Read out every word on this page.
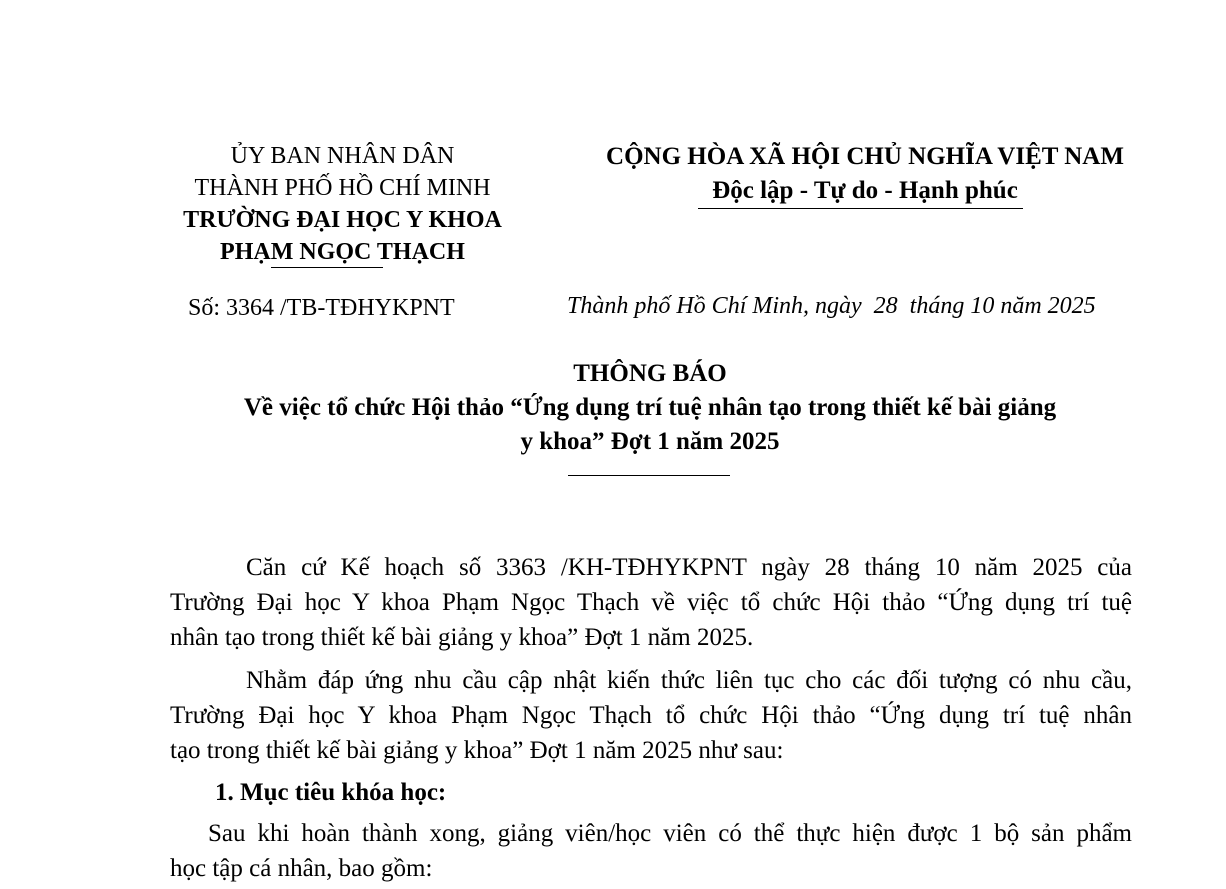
ỦY BAN NHÂN DÂN
THÀNH PHỐ HỒ CHÍ MINH
TRƯỜNG ĐẠI HỌC Y KHOA
PHẠM NGỌC THẠCH
CỘNG HÒA XÃ HỘI CHỦ NGHĨA VIỆT NAM
Độc lập - Tự do - Hạnh phúc
Số: 3364 /TB-TĐHYKPNT	Thành phố Hồ Chí Minh, ngày  28  tháng 10 năm 2025
THÔNG BÁO
Về việc tổ chức Hội thảo “Ứng dụng trí tuệ nhân tạo trong thiết kế bài giảng
y khoa” Đợt 1 năm 2025
Căn cứ Kế hoạch số 3363 /KH-TĐHYKPNT ngày 28 tháng 10 năm 2025 của
Trường Đại học Y khoa Phạm Ngọc Thạch về việc tổ chức Hội thảo “Ứng dụng trí tuệ
nhân tạo trong thiết kế bài giảng y khoa” Đợt 1 năm 2025.
Nhằm đáp ứng nhu cầu cập nhật kiến thức liên tục cho các đối tượng có nhu cầu,
Trường Đại học Y khoa Phạm Ngọc Thạch tổ chức Hội thảo “Ứng dụng trí tuệ nhân
tạo trong thiết kế bài giảng y khoa” Đợt 1 năm 2025 như sau:
1. Mục tiêu khóa học:
Sau khi hoàn thành xong, giảng viên/học viên có thể thực hiện được 1 bộ sản phẩm
học tập cá nhân, bao gồm:
